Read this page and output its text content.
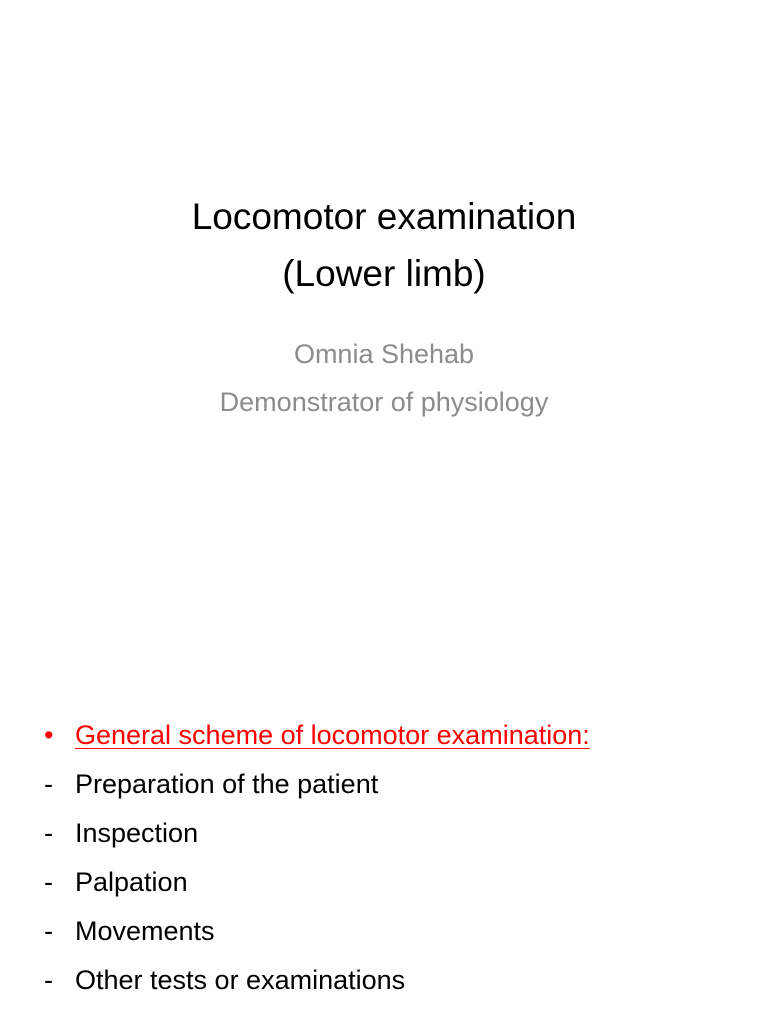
Locomotor examination
(Lower limb)
Omnia Shehab
Demonstrator of physiology
• General scheme of locomotor examination:
- Preparation of the patient
- Inspection
- Palpation
- Movements
- Other tests or examinations
